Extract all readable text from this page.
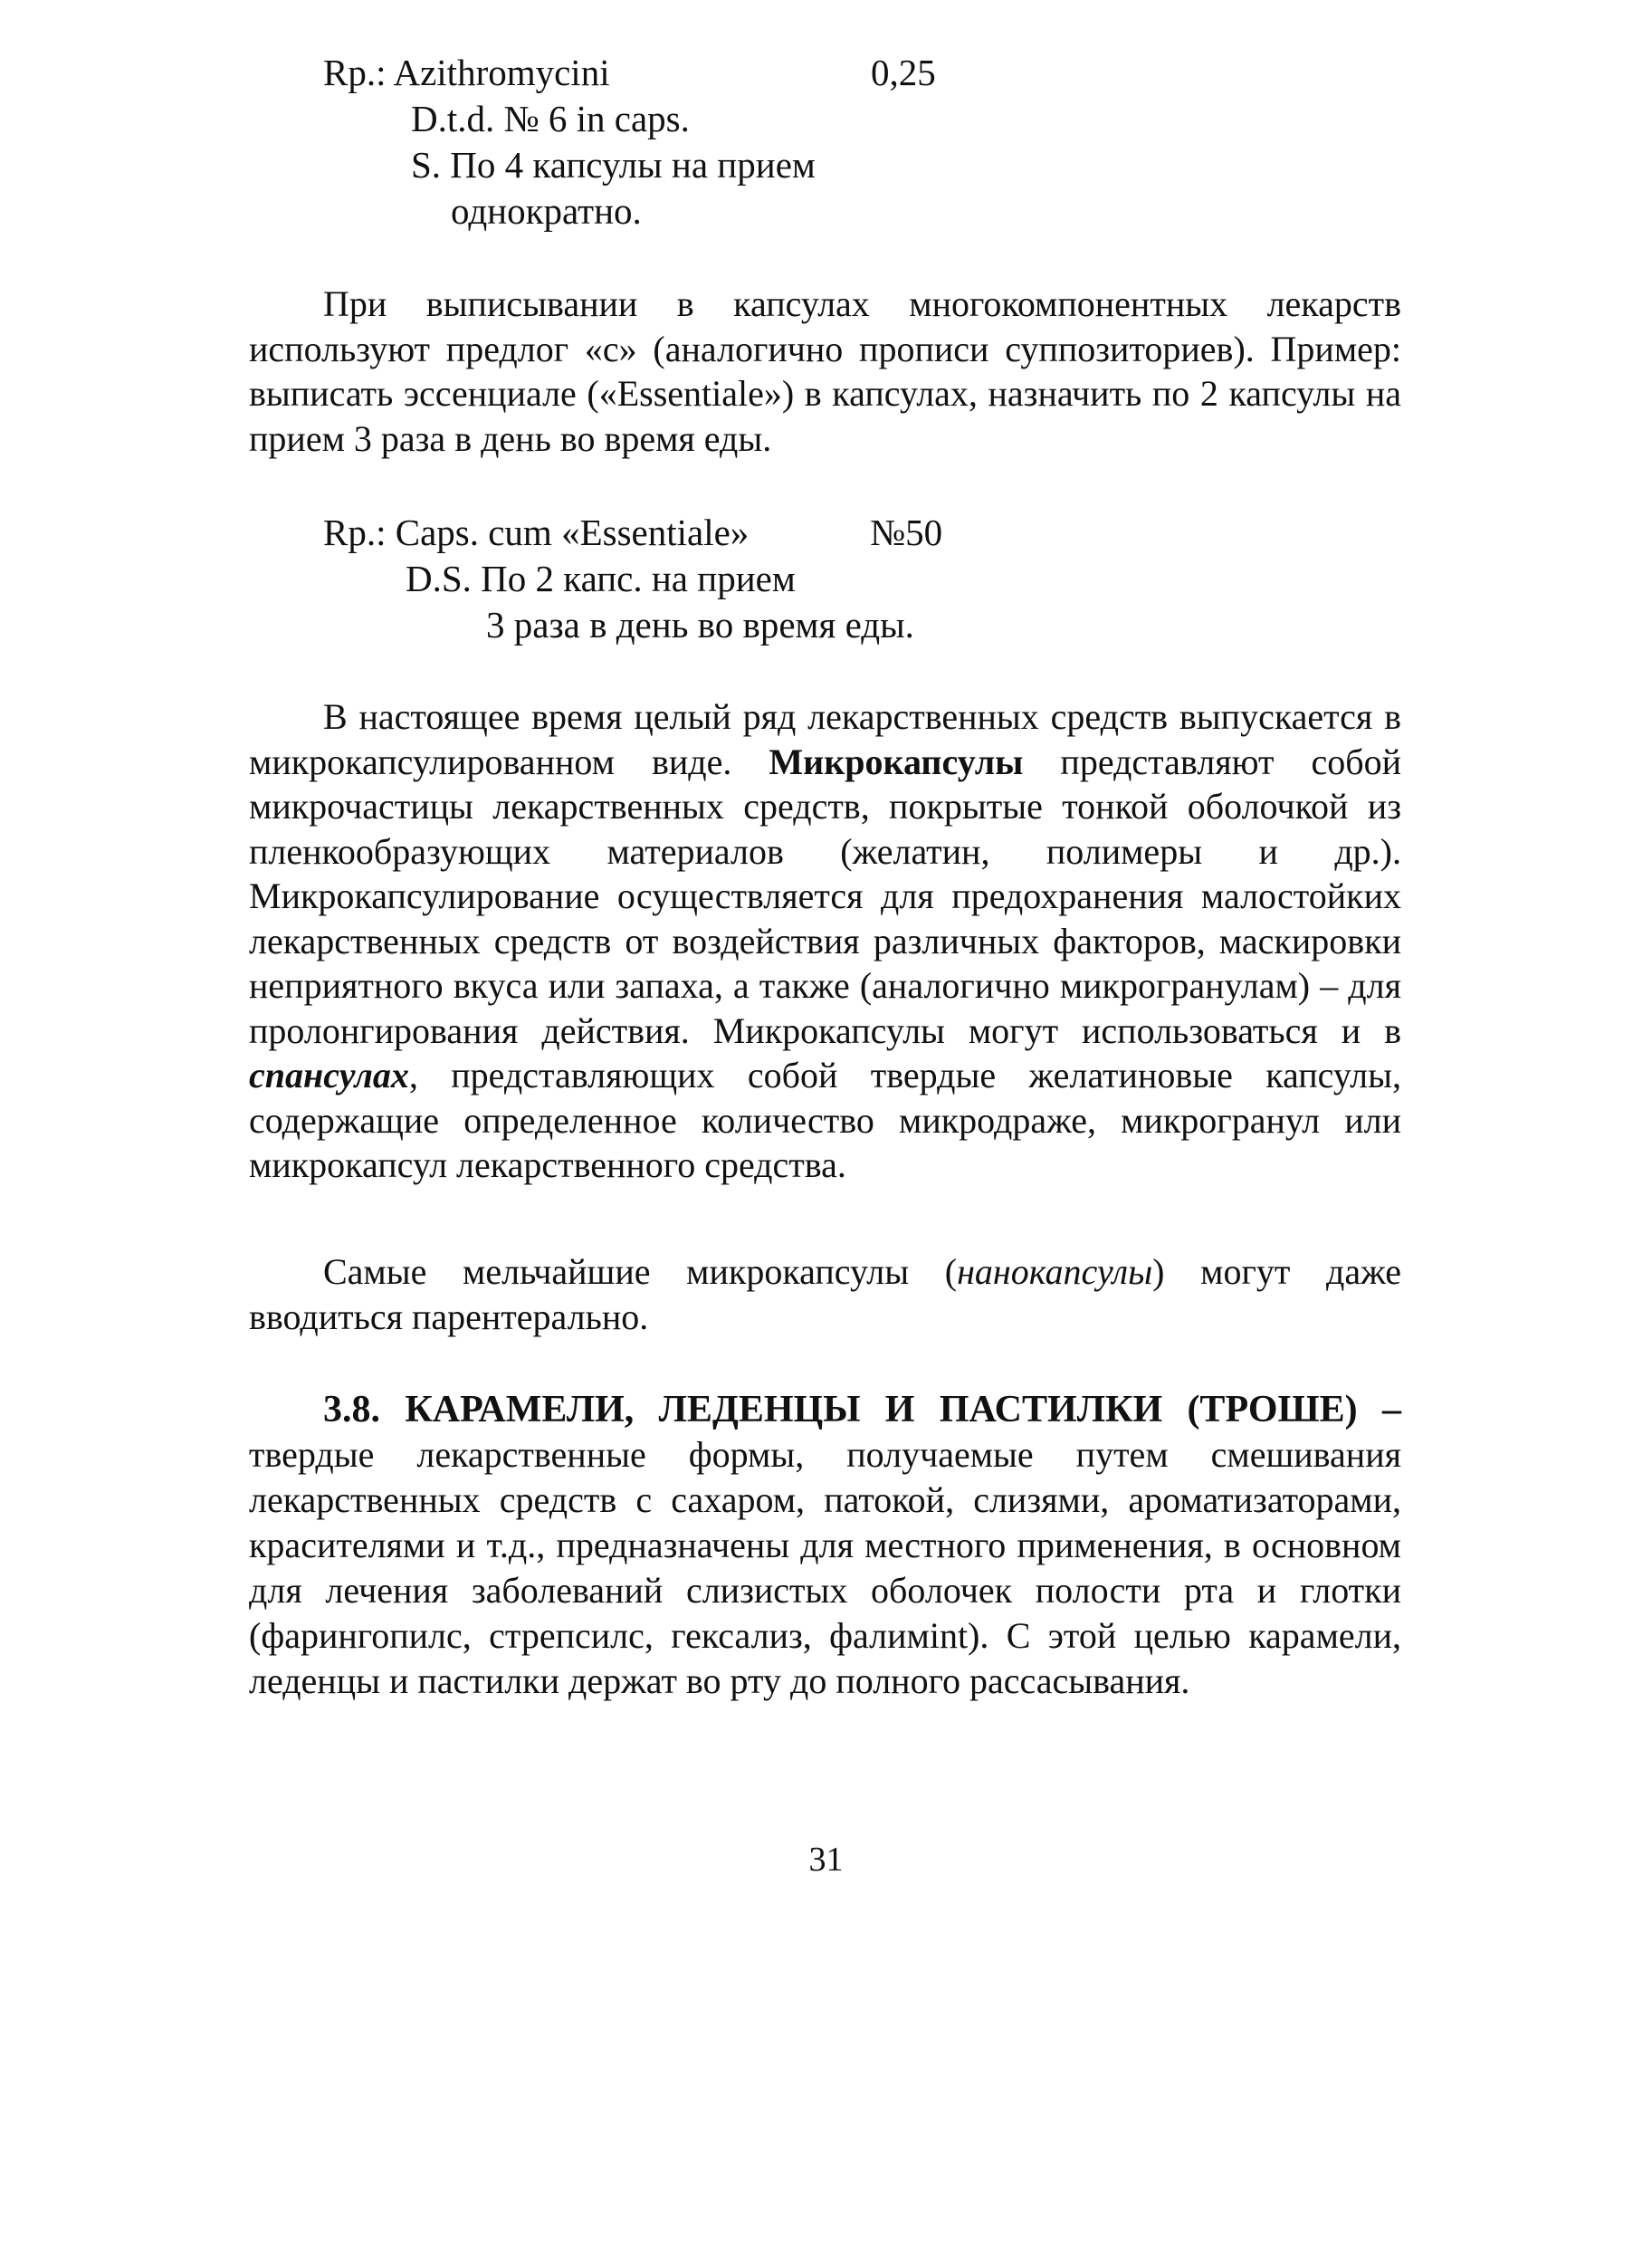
Rp.: Azithromycini	0,25
D.t.d. № 6 in caps.
S. По 4 капсулы на прием
однократно.

При выписывании в капсулах многокомпонентных лекарств используют предлог «с» (аналогично прописи суппозиториев). Пример: выписать эссенциале («Essentiale») в капсулах, назначить по 2 капсулы на прием 3 раза в день во время еды.

Rp.: Caps. cum «Essentiale»	№50
D.S. По 2 капс. на прием
3 раза в день во время еды.

В настоящее время целый ряд лекарственных средств выпускается в микрокапсулированном виде. Микрокапсулы представляют собой микрочастицы лекарственных средств, покрытые тонкой оболочкой из пленкообразующих материалов (желатин, полимеры и др.). Микрокапсулирование осуществляется для предохранения малостойких лекарственных средств от воздействия различных факторов, маскировки неприятного вкуса или запаха, а также (аналогично микрогранулам) – для пролонгирования действия. Микрокапсулы могут использоваться и в спансулах, представляющих собой твердые желатиновые капсулы, содержащие определенное количество микродраже, микрогранул или микрокапсул лекарственного средства.

Самые мельчайшие микрокапсулы (нанокапсулы) могут даже вводиться парентерально.

3.8. КАРАМЕЛИ, ЛЕДЕНЦЫ И ПАСТИЛКИ (ТРОШЕ) – твердые лекарственные формы, получаемые путем смешивания лекарственных средств с сахаром, патокой, слизями, ароматизаторами, красителями и т.д., предназначены для местного применения, в основном для лечения заболеваний слизистых оболочек полости рта и глотки (фарингопилс, стрепсилс, гексализ, фалимint). С этой целью карамели, леденцы и пастилки держат во рту до полного рассасывания.

31
